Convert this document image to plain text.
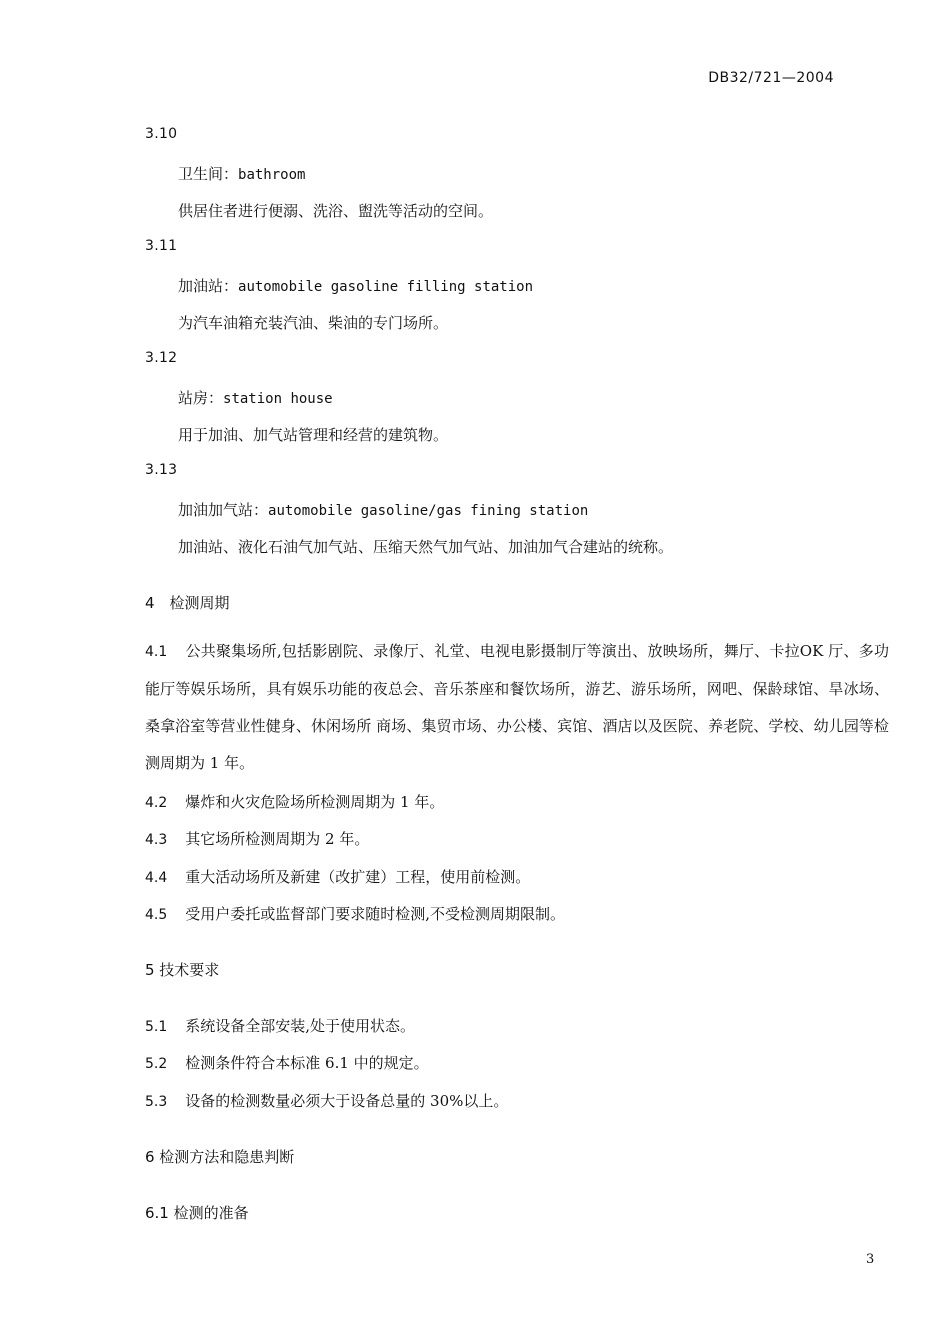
DB32/721—2004
3.10
卫生间：bathroom
供居住者进行便溺、洗浴、盥洗等活动的空间。
3.11
加油站：automobile gasoline filling station
为汽车油箱充装汽油、柴油的专门场所。
3.12
站房：station house
用于加油、加气站管理和经营的建筑物。
3.13
加油加气站：automobile gasoline/gas fining station
加油站、液化石油气加气站、压缩天然气加气站、加油加气合建站的统称。
4　检测周期
4.1 公共聚集场所,包括影剧院、录像厅、礼堂、电视电影摄制厅等演出、放映场所，舞厅、卡拉OK 厅、多功能厅等娱乐场所，具有娱乐功能的夜总会、音乐茶座和餐饮场所，游艺、游乐场所，网吧、保龄球馆、旱冰场、桑拿浴室等营业性健身、休闲场所 商场、集贸市场、办公楼、宾馆、酒店以及医院、养老院、学校、幼儿园等检测周期为 1 年。
4.2 爆炸和火灾危险场所检测周期为 1 年。
4.3 其它场所检测周期为 2 年。
4.4 重大活动场所及新建（改扩建）工程，使用前检测。
4.5 受用户委托或监督部门要求随时检测,不受检测周期限制。
5 技术要求
5.1 系统设备全部安装,处于使用状态。
5.2 检测条件符合本标准 6.1 中的规定。
5.3 设备的检测数量必须大于设备总量的 30%以上。
6 检测方法和隐患判断
6.1 检测的准备
3
